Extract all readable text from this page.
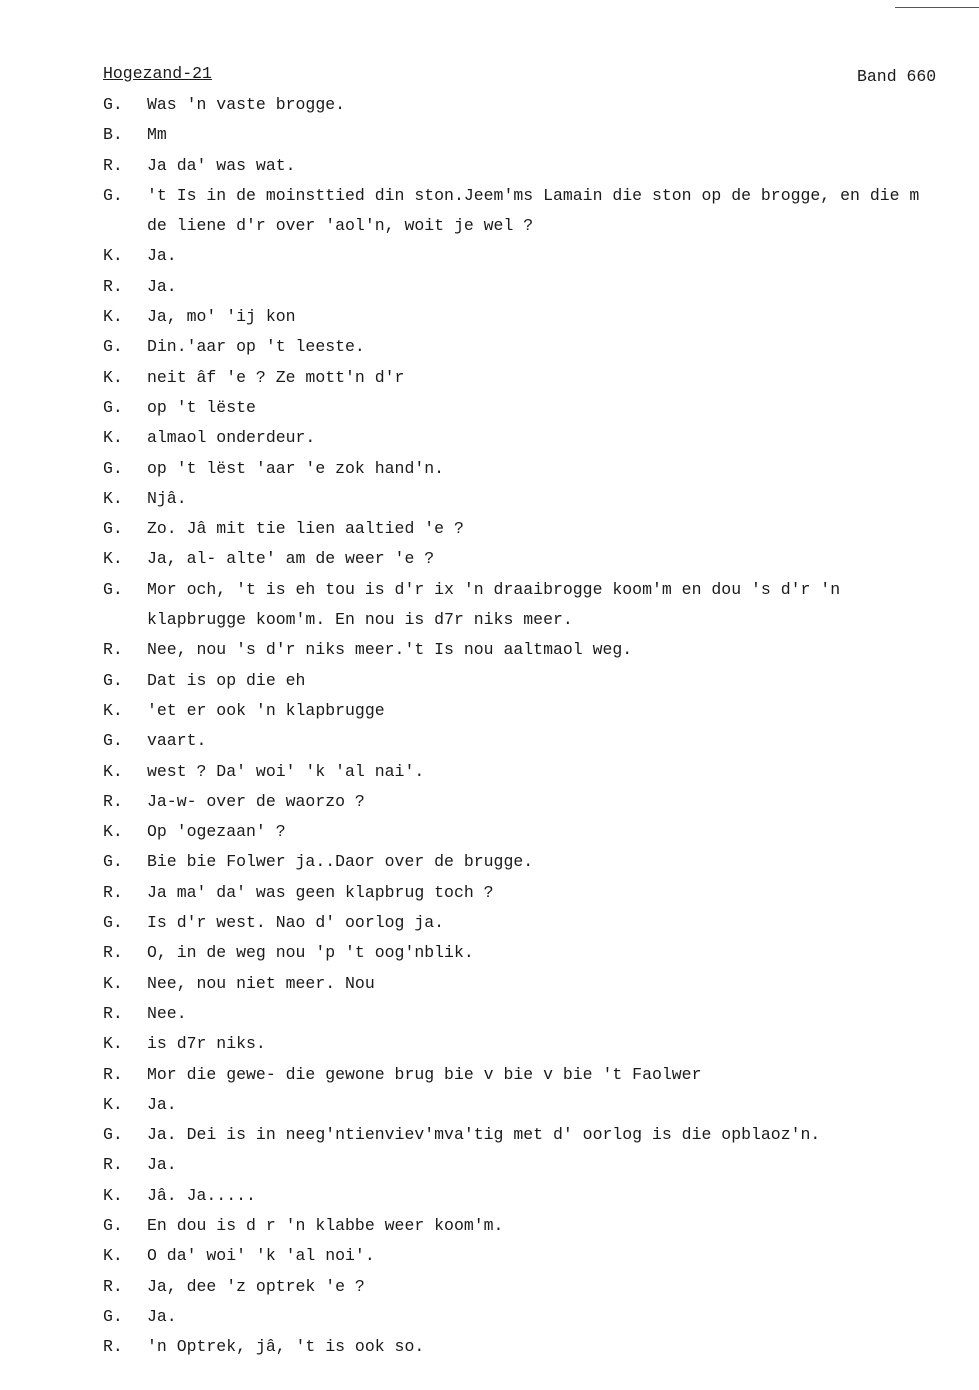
Hogezand-21	Band 660
G. Was 'n vaste brogge.
B. Mm
R. Ja da' was wat.
G. 't Is in de moinsttied din ston.Jeem'ms Lamain die ston op de brogge, en die m
de liene d'r over 'aol'n, woit je wel ?
K. Ja.
R. Ja.
K. Ja, mo' 'ij kon
G. Din.'aar op 't leeste.
K. neit âf 'e ? Ze mott'n d'r
G. op 't lëste
K. almaol onderdeur.
G. op 't lëst 'aar 'e zok hand'n.
K. Njâ.
G. Zo. Jâ mit tie lien aaltied 'e ?
K. Ja, al- alte' am de weer 'e ?
G. Mor och, 't is eh tou is d'r ix 'n draaibrogge koom'm en dou 's d'r 'n
klapbrugge koom'm. En nou is d7r niks meer.
R. Nee, nou 's d'r niks meer.'t Is nou aaltmaol weg.
G. Dat is op die eh
K. 'et er ook 'n klapbrugge
G. vaart.
K. west ? Da' woi' 'k 'al nai'.
R. Ja-w- over de waorzo ?
K. Op 'ogezaan' ?
G. Bie bie Folwer ja..Daor over de brugge.
R. Ja ma' da' was geen klapbrug toch ?
G. Is d'r west. Nao d' oorlog ja.
R. O, in de weg nou 'p 't oog'nblik.
K. Nee, nou niet meer. Nou
R. Nee.
K. is d7r niks.
R. Mor die gewe- die gewone brug bie v bie v bie 't Faolwer
K. Ja.
G. Ja. Dei is in neeg'ntienviev'mva'tig met d' oorlog is die opblaoz'n.
R. Ja.
K. Jâ. Ja.....
G. En dou is d r 'n klabbe weer koom'm.
K. O da' woi' 'k 'al noi'.
R. Ja, dee 'z optrek 'e ?
G. Ja.
R. 'n Optrek, jâ, 't is ook so.
